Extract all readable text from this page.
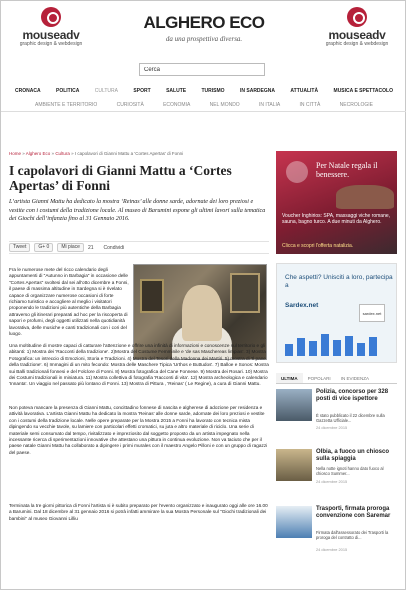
mouseadv
graphic design & webdesign
ALGHERO ECO
da una prospettiva diversa.	mouseadv
graphic design & webdesign
Cerca
CRONACA	POLITICA	CULTURA	SPORT	SALUTE	TURISMO	IN SARDEGNA	ATTUALITÀ	MUSICA E SPETTACOLO
AMBIENTE E TERRITORIO	CURIOSITÀ	ECONOMIA	NEL MONDO	IN ITALIA	IN CITTÀ	NECROLOGIE
Home » Alghero Eco » Cultura » I capolavori di Gianni Mattu a 'Cortes Apertas' di Fonni
I capolavori di Gianni Mattu a ‘Cortes Apertas’ di Fonni

L’artista Gianni Mattu ha dedicato la mostra ‘Reinas’ alle donne sarde, adornate dei loro preziosi e vestite con i costumi della tradizione locale. Al museo di Barumini espone gli ultimi lavori sulla tematica dei Giochi dell’infanzia fino al 31 Gennaio 2016.

Tweet	G+ 0	Mi piace	21 Condividi

Fra le numerose mete del ricco calendario degli appuntamenti di "Autunno in Barbagia" in occasione delle "Cortes Apertas" svoltesi dal sei all'otto dicembre a Fonni, il paese di massima altitudine in Sardegna si è rivelato capace di organizzare numerose occasioni di forte richiamo turistico e accogliere al meglio i visitatori proponendo le tradizioni più autentiche della Barbagia attraverso gli itinerari preparati ad hoc per la riscoperta di sapori e profumi, degli oggetti utilizzati nella quotidianità lavorativa, delle musiche e canti tradizionali con i cori del luogo.

Una moltitudine di mostre capaci di catturare l'attenzione e offrire una infinità di informazioni e conoscenze sul territorio e gli abitanti: 1) Mostra dei 'Racconti della tradizione'. 2)Mostra del Costume Femminile e 'de sas Maschereas limpias'. 3) Mostra Fotografica: un intreccio di Emozioni, Storia e Tradizioni. 4) Mostra del Tesori della Madonna dei Martiri. 5) mostra di 'Il pane della tradizione'. 6) Immagini di un mito fecondo: Mostra delle Maschere Tipica 'Urthos e Buttudos'. 7) Balloe e Sonos: Mostra sui Balli tradizionali fonnesi e del Folclore di Fonni. 8) Mostra fotografica del Cane Fonnese. 9) Mostra dei Rosari. 10) Mostra dei Costumi tradizionali in miniatura. 11) Mostra collettiva di fotografia 'Racconti di vita'. 12) Mostra archeologica e calendario 'Innanta'. Un viaggio nel passato più lontano di Fonni. 13) Mostra di Pittura , 'Reinas' ( Le Regine), a cura di Gianni Mattu.

Non poteva mancare la presenza di Gianni Mattu, concittadino fonnese di nascita e algherese di adozione per residenza e attività lavorativa. L'artista Gianni Mattu ha dedicato la mostra 'Reinas' alle donne sarde, adornate dei loro preziosi e vestite con i costumi della tradizione locale. Nelle opere preparate per la Mostra 2015 a Fonni ha lavorato con tecnica mista dipingendo su vecchie tavole, su lamiere con particolari effetti cromatici, su juta e altro materiale di riciclo. Una serie di materiale semi consumato dal tempo, rivitalizzato e impreziosito dal soggetto proposto da un artista impegnato nella incessante ricerca di sperimentazioni innovative che attestano una pittura in continua evoluzione. Non va taciuto che per il paese natale Gianni Mattu ha collaborato a dipingere i primi murales con il maestro Angelo Pilloni e con un gruppo di ragazzi del paese.

Terminata la tre giorni pittorica di Fonni l'artista si è subito preparato per l'evento organizzato e inaugurato oggi alle ore 16.00 a Barumini. Dal 18 dicembre al 31 gennaio 2016 si potrà infatti ammirare la sua Mostra Personale sul "Giochi tradizionali dei bambini" al museo Giovanni Lilliu

Per Natale regala il benessere.
Voucher Inghirios: SPA, massaggi viche romane, sauna, bagno turco. A due minuti da Alghero.
Clicca e scopri l'offerta natalizia.
Che aspetti? Unisciti a loro, partecipa a
Sardex.net
sardex.net
ULTIMA	POPOLARI	IN EVIDENZA
Polizia, concorso per 328 posti di vice ispettore
È stato pubblicato il 22 dicembre sulla Gazzetta Ufficiale...
24 dicembre 2015
Olbia, a fuoco un chiosco sulla spiaggia
Nella notte ignoti hanno dato fuoco al chiosco Summer...
24 dicembre 2015
Trasporti, firmata proroga convenzione con Saremar
Firmata dall'assessorato dei Trasporti la proroga del contratto di...
24 dicembre 2015
